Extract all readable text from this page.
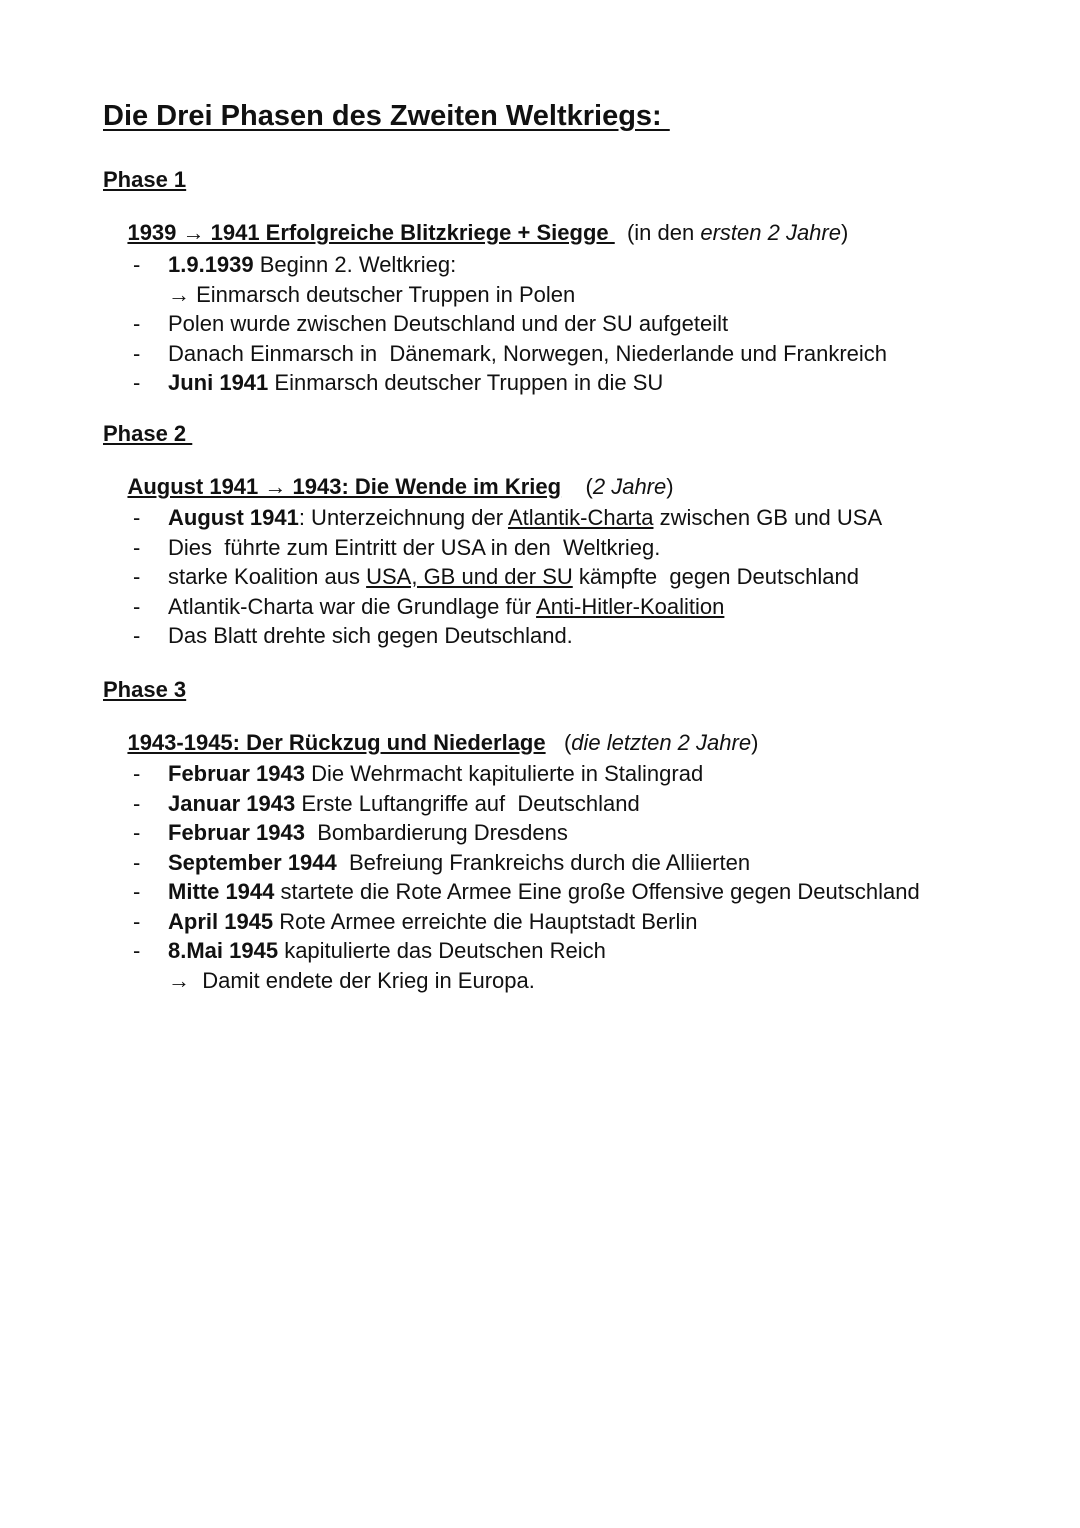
Die Drei Phasen des Zweiten Weltkriegs:
Phase 1

1939 → 1941 Erfolgreiche Blitzkriege + Siegge   (in den ersten 2 Jahre)

- 1.9.1939 Beginn 2. Weltkrieg:
→ Einmarsch deutscher Truppen in Polen
- Polen wurde zwischen Deutschland und der SU aufgeteilt
- Danach Einmarsch in  Dänemark, Norwegen, Niederlande und Frankreich
- Juni 1941 Einmarsch deutscher Truppen in die SU
Phase 2

August 1941 → 1943: Die Wende im Krieg    (2 Jahre)

- August 1941: Unterzeichnung der Atlantik-Charta zwischen GB und USA
- Dies  führte zum Eintritt der USA in den  Weltkrieg.
- starke Koalition aus USA, GB und der SU kämpfte  gegen Deutschland
- Atlantik-Charta war die Grundlage für Anti-Hitler-Koalition
- Das Blatt drehte sich gegen Deutschland.
Phase 3

1943-1945: Der Rückzug und Niederlage   (die letzten 2 Jahre)

- Februar 1943 Die Wehrmacht kapitulierte in Stalingrad
- Januar 1943 Erste Luftangriffe auf  Deutschland
- Februar 1943  Bombardierung Dresdens
- September 1944  Befreiung Frankreichs durch die Alliierten
- Mitte 1944 startete die Rote Armee Eine große Offensive gegen Deutschland
- April 1945 Rote Armee erreichte die Hauptstadt Berlin
- 8.Mai 1945 kapitulierte das Deutschen Reich
→  Damit endete der Krieg in Europa.
